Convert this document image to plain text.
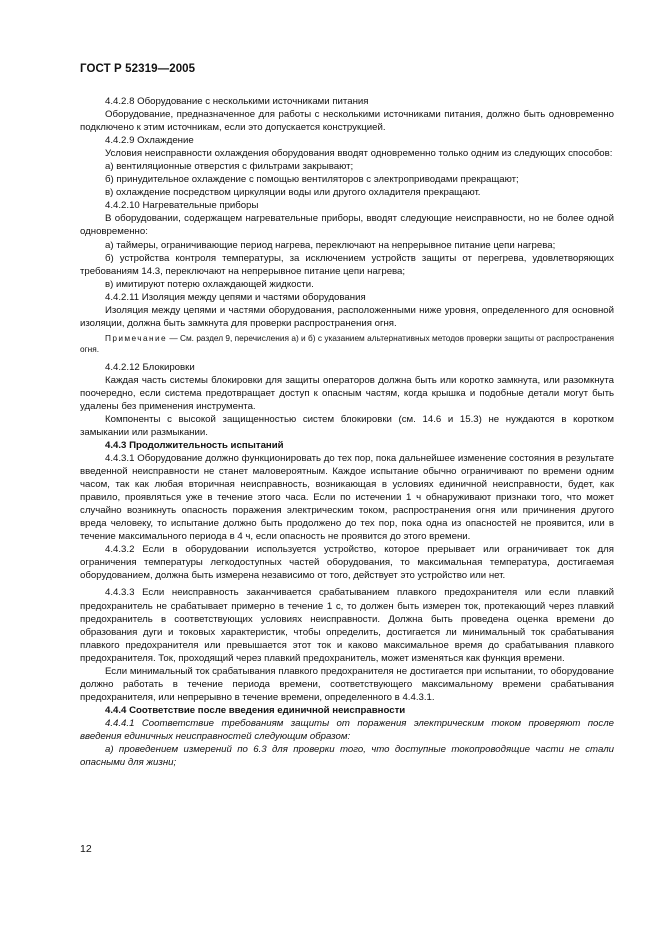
ГОСТ Р 52319—2005

4.4.2.8 Оборудование с несколькими источниками питания

Оборудование, предназначенное для работы с несколькими источниками питания, должно быть одновременно подключено к этим источникам, если это допускается конструкцией.

4.4.2.9 Охлаждение

Условия неисправности охлаждения оборудования вводят одновременно только одним из следующих способов:

а) вентиляционные отверстия с фильтрами закрывают;

б) принудительное охлаждение с помощью вентиляторов с электроприводами прекращают;

в) охлаждение посредством циркуляции воды или другого охладителя прекращают.

4.4.2.10 Нагревательные приборы

В оборудовании, содержащем нагревательные приборы, вводят следующие неисправности, но не более одной одновременно:

а) таймеры, ограничивающие период нагрева, переключают на непрерывное питание цепи нагрева;

б) устройства контроля температуры, за исключением устройств защиты от перегрева, удовлетворяющих требованиям 14.3, переключают на непрерывное питание цепи нагрева;

в) имитируют потерю охлаждающей жидкости.

4.4.2.11 Изоляция между цепями и частями оборудования

Изоляция между цепями и частями оборудования, расположенными ниже уровня, определенного для основной изоляции, должна быть замкнута для проверки распространения огня.

Примечание — См. раздел 9, перечисления а) и б) с указанием альтернативных методов проверки защиты от распространения огня.

4.4.2.12 Блокировки

Каждая часть системы блокировки для защиты операторов должна быть или коротко замкнута, или разомкнута поочередно, если система предотвращает доступ к опасным частям, когда крышка и подобные детали могут быть удалены без применения инструмента.

Компоненты с высокой защищенностью систем блокировки (см. 14.6 и 15.3) не нуждаются в коротком замыкании или размыкании.

4.4.3 Продолжительность испытаний

4.4.3.1 Оборудование должно функционировать до тех пор, пока дальнейшее изменение состояния в результате введенной неисправности не станет маловероятным. Каждое испытание обычно ограничивают по времени одним часом, так как любая вторичная неисправность, возникающая в условиях единичной неисправности, будет, как правило, проявляться уже в течение этого часа. Если по истечении 1 ч обнаруживают признаки того, что может случайно возникнуть опасность поражения электрическим током, распространения огня или причинения другого вреда человеку, то испытание должно быть продолжено до тех пор, пока одна из опасностей не проявится, или в течение максимального периода в 4 ч, если опасность не проявится до этого времени.

4.4.3.2 Если в оборудовании используется устройство, которое прерывает или ограничивает ток для ограничения температуры легкодоступных частей оборудования, то максимальная температура, достигаемая оборудованием, должна быть измерена независимо от того, действует это устройство или нет.

4.4.3.3 Если неисправность заканчивается срабатыванием плавкого предохранителя или если плавкий предохранитель не срабатывает примерно в течение 1 с, то должен быть измерен ток, протекающий через плавкий предохранитель в соответствующих условиях неисправности. Должна быть проведена оценка времени до образования дуги и токовых характеристик, чтобы определить, достигается ли минимальный ток срабатывания плавкого предохранителя или превышается этот ток и каково максимальное время до срабатывания плавкого предохранителя. Ток, проходящий через плавкий предохранитель, может изменяться как функция времени.

Если минимальный ток срабатывания плавкого предохранителя не достигается при испытании, то оборудование должно работать в течение периода времени, соответствующего максимальному времени срабатывания предохранителя, или непрерывно в течение времени, определенного в 4.4.3.1.

4.4.4 Соответствие после введения единичной неисправности

4.4.4.1 Соответствие требованиям защиты от поражения электрическим током проверяют после введения единичных неисправностей следующим образом:

а) проведением измерений по 6.3 для проверки того, что доступные токопроводящие части не стали опасными для жизни;

12
